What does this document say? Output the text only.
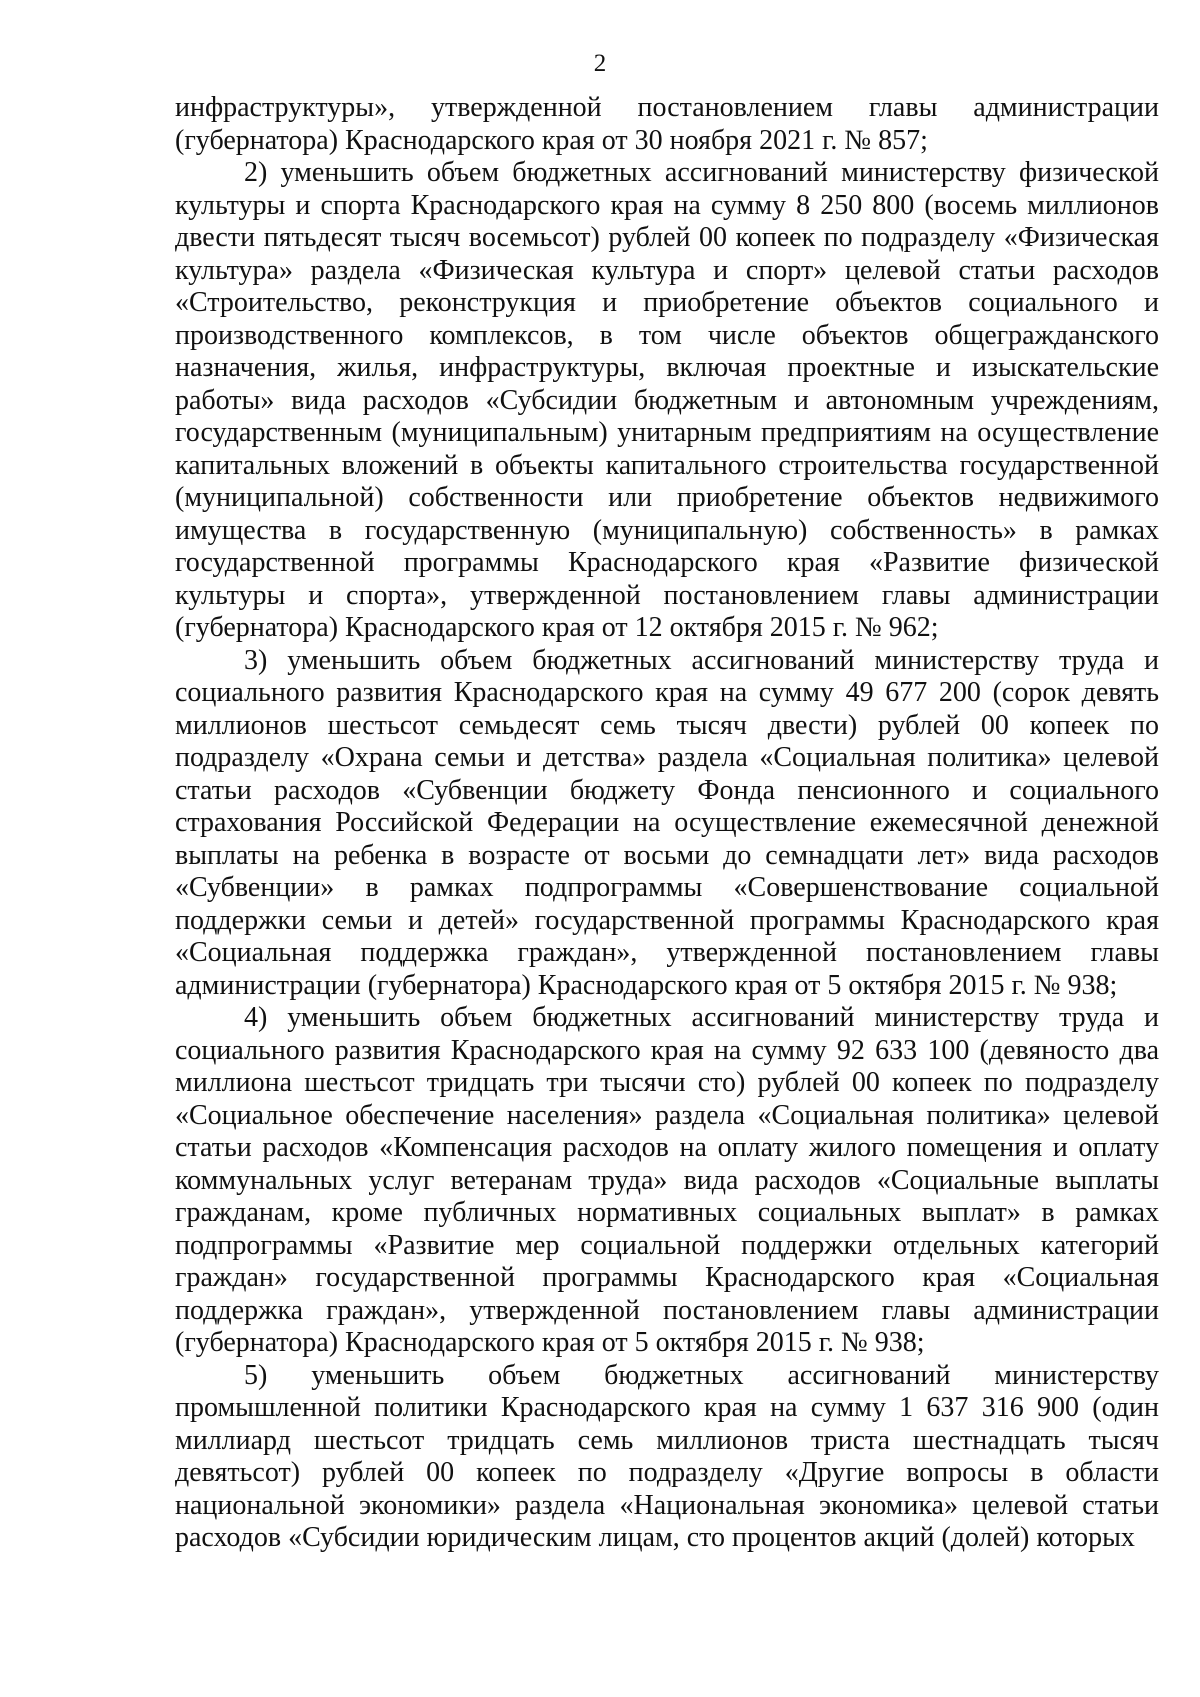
2

инфраструктуры», утвержденной постановлением главы администрации (губернатора) Краснодарского края от 30 ноября 2021 г. № 857;

2) уменьшить объем бюджетных ассигнований министерству физической культуры и спорта Краснодарского края на сумму 8 250 800 (восемь миллионов двести пятьдесят тысяч восемьсот) рублей 00 копеек по подразделу «Физическая культура» раздела «Физическая культура и спорт» целевой статьи расходов «Строительство, реконструкция и приобретение объектов социального и производственного комплексов, в том числе объектов общегражданского назначения, жилья, инфраструктуры, включая проектные и изыскательские работы» вида расходов «Субсидии бюджетным и автономным учреждениям, государственным (муниципальным) унитарным предприятиям на осуществление капитальных вложений в объекты капитального строительства государственной (муниципальной) собственности или приобретение объектов недвижимого имущества в государственную (муниципальную) собственность» в рамках государственной программы Краснодарского края «Развитие физической культуры и спорта», утвержденной постановлением главы администрации (губернатора) Краснодарского края от 12 октября 2015 г. № 962;

3) уменьшить объем бюджетных ассигнований министерству труда и социального развития Краснодарского края на сумму 49 677 200 (сорок девять миллионов шестьсот семьдесят семь тысяч двести) рублей 00 копеек по подразделу «Охрана семьи и детства» раздела «Социальная политика» целевой статьи расходов «Субвенции бюджету Фонда пенсионного и социального страхования Российской Федерации на осуществление ежемесячной денежной выплаты на ребенка в возрасте от восьми до семнадцати лет» вида расходов «Субвенции» в рамках подпрограммы «Совершенствование социальной поддержки семьи и детей» государственной программы Краснодарского края «Социальная поддержка граждан», утвержденной постановлением главы администрации (губернатора) Краснодарского края от 5 октября 2015 г. № 938;

4) уменьшить объем бюджетных ассигнований министерству труда и социального развития Краснодарского края на сумму 92 633 100 (девяносто два миллиона шестьсот тридцать три тысячи сто) рублей 00 копеек по подразделу «Социальное обеспечение населения» раздела «Социальная политика» целевой статьи расходов «Компенсация расходов на оплату жилого помещения и оплату коммунальных услуг ветеранам труда» вида расходов «Социальные выплаты гражданам, кроме публичных нормативных социальных выплат» в рамках подпрограммы «Развитие мер социальной поддержки отдельных категорий граждан» государственной программы Краснодарского края «Социальная поддержка граждан», утвержденной постановлением главы администрации (губернатора) Краснодарского края от 5 октября 2015 г. № 938;

5) уменьшить объем бюджетных ассигнований министерству промышленной политики Краснодарского края на сумму 1 637 316 900 (один миллиард шестьсот тридцать семь миллионов триста шестнадцать тысяч девятьсот) рублей 00 копеек по подразделу «Другие вопросы в области национальной экономики» раздела «Национальная экономика» целевой статьи расходов «Субсидии юридическим лицам, сто процентов акций (долей) которых
